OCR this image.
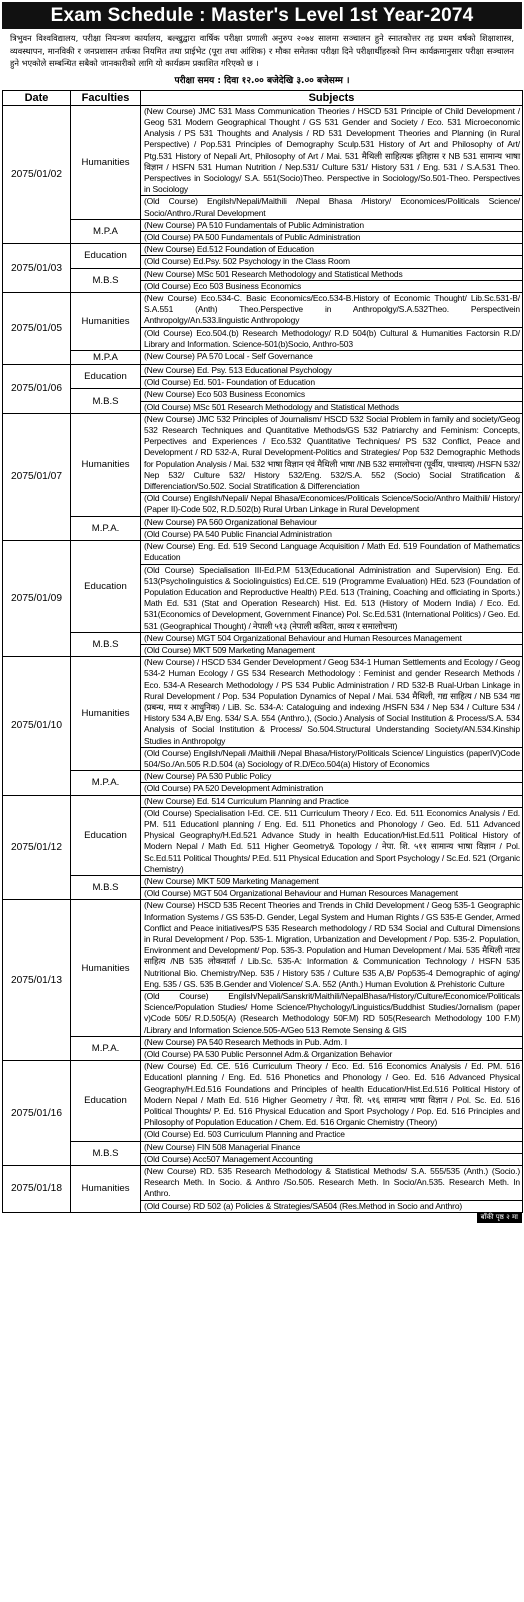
Exam Schedule : Master's Level 1st Year-2074
त्रिभुवन विश्वविद्यालय, परीक्षा नियन्त्रण कार्यालय, बल्खुद्वारा वार्षिक परीक्षा प्रणाली अनुरुप २०७४ सालमा सञ्चालन हुने स्नातकोत्तर तह प्रथम वर्षको शिक्षाशास्त्र, व्यवस्थापन, मानविकी र जनप्रशासन तर्फका नियमित तथा प्राईभेट (पूरा तथा आंशिक) र मौका समेतका परीक्षा दिने परीक्षार्थीहरुको निम्न कार्यक्रमानुसार परीक्षा सञ्चालन हुने भएकोले सम्बन्धित सबैको जानकारीको लागि यो कार्यक्रम प्रकाशित गरिएको छ ।
परीक्षा समय : दिवा १२.०० बजेदेखि ३.०० बजेसम्म ।
Date	Faculties	Subjects
2075/01/02	Humanities	(New Course) JMC 531 Mass Communication Theories / HSCD 531 Principle of Child Development / Geog 531 Modern Geographical Thought / GS 531 Gender and Society / Eco. 531 Microeconomic Analysis / PS 531 Thoughts and Analysis / RD 531 Development Theories and Planning (in Rural Perspective) / Pop.531 Principles of Demography Sculp.531 History of Art and Philosophy of Art/ Ptg.531 History of Nepali Art, Philosophy of Art / Mai. 531 मैथिली साहित्यक इतिहास र NB 531 सामान्य भाषा विज्ञान / HSFN 531 Human Nutrition / Nep.531/ Culture 531/ History 531 / Eng. 531 / S.A.531 Theo. Perspectives in Sociology/ S.A. 551(Socio)Theo. Perspective in Sociology/So.501-Theo. Perspectives in Sociology
		(Old Course) Engilsh/Nepali/Maithili /Nepal Bhasa /History/ Economices/Politicals Science/ Socio/Anthro./Rural Development
	M.P.A	(New Course) PA 510 Fundamentals of Public Administration
		(Old Course) PA 500 Fundamentals of Public Administration
2075/01/03	Education	(New Course) Ed.512 Foundation of Education
		(Old Course) Ed.Psy. 502 Psychology in the Class Room
	M.B.S	(New Course) MSc 501 Research Methodology and Statistical Methods
		(Old Course) Eco 503 Business Economics
2075/01/05	Humanities	(New Course) Eco.534-C. Basic Economics/Eco.534-B.History of Economic Thought/ Lib.Sc.531-B/ S.A.551 (Anth) Theo.Perspective in Anthropolgy/S.A.532Theo. Perspectivein Anthropolgy/An.533.linguistic Anthropology
		(Old Course) Eco.504.(b) Research Methodology/ R.D 504(b) Cultural & Humanities Factorsin R.D/ Library and Information. Science-501(b)Socio, Anthro-503
	M.P.A	(New Course) PA 570 Local - Self Governance
2075/01/06	Education	(New Course) Ed. Psy. 513 Educational Psychology
		(Old Course) Ed. 501- Foundation of Education
	M.B.S	(New Course) Eco 503 Business Economics
		(Old Course) MSc 501 Research Methodology and Statistical Methods
2075/01/07	Humanities	(New Course) JMC 532 Principles of Journalism/ HSCD 532 Social Problem in family and society/Geog 532 Research Techniques and Quantitative Methods/GS 532 Patriarchy and Feminism: Concepts, Perpectives and Experiences / Eco.532 Quantitative Techniques/ PS 532 Conflict, Peace and Development / RD 532-A, Rural Development-Politics and Strategies/ Pop 532 Demographic Methods for Population Analysis / Mai. 532 भाषा विज्ञान एवं मैथिली भाषा /NB 532 समालोचना (पूर्वीय, पाश्चात्य) /HSFN 532/ Nep 532/ Culture 532/ History 532/Eng. 532/S.A. 552 (Socio) Social Stratification & Differenciation/So.502. Social Stratification & Differenciation
		(Old Course) Engilsh/Nepali/ Nepal Bhasa/Economices/Politicals Science/Socio/Anthro Maithili/ History/ (Paper II)-Code 502, R.D.502(b) Rural Urban Linkage in Rural Development
	M.P.A.	(New Course) PA 560 Organizational Behaviour
		(Old Course) PA 540 Public Financial Administration
2075/01/09	Education	(New Course) Eng. Ed. 519 Second Language Acquisition / Math Ed. 519 Foundation of Mathematics Education
		(Old Course) Specialisation III-Ed.P.M 513(Educational Administration and Supervision) Eng. Ed. 513(Psycholinguistics & Sociolinguistics) Ed.CE. 519 (Programme Evaluation) HEd. 523 (Foundation of Population Education and Reproductive Health) P.Ed. 513 (Training, Coaching and officiating in Sports.) Math Ed. 531 (Stat and Operation Research) Hist. Ed. 513 (History of Modern India) / Eco. Ed. 531(Economics of Development, Government Finance) Pol. Sc.Ed.531 (International Politics) / Geo. Ed. 531 (Geographical Thought) / नेपाली ५१३ (नेपाली कविता, काव्य र समालोचना)
	M.B.S	(New Course) MGT 504 Organizational Behaviour and Human Resources Management
		(Old Course) MKT 509 Marketing Management
2075/01/10	Humanities	(New Course) / HSCD 534 Gender Development / Geog 534-1 Human Settlements and Ecology / Geog 534-2 Human Ecology / GS 534 Research Methodology : Feminist and gender Research Methods / Eco. 534-A Research Methodology / PS 534 Public Administration / RD 532-B Rual-Urban Linkage in Rural Development / Pop. 534 Population Dynamics of Nepal / Mai. 534 मैथिली, गद्य साहित्य / NB 534 गद्य (प्रबन्ध, मध्य र आधुनिक) / LiB. Sc. 534-A: Cataloguing and indexing /HSFN 534 / Nep 534 / Culture 534 / History 534 A,B/ Eng. 534/ S.A. 554 (Anthro.), (Socio.) Analysis of Social Institution & Process/S.A. 534 Analysis of Social Institution & Process/ So.504.Structural Understanding Society/AN.534.Kinship Studies in Anthropolgy
		(Old Course) Engilsh/Nepali /Maithili /Nepal Bhasa/History/Politicals Science/ Linguistics (paperIV)Code 504/So./An.505 R.D.504 (a) Sociology of R.D/Eco.504(a) History of Economics
	M.P.A.	(New Course) PA 530 Public Policy
		(Old Course) PA 520 Development Administration
2075/01/12	Education	(New Course) Ed. 514 Curriculum Planning and Practice
		(Old Course) Specialisation I-Ed. CE. 511 Curriculum Theory / Eco. Ed. 511 Economics Analysis / Ed. PM. 511 Educationl planning / Eng. Ed. 511 Phonetics and Phonology / Geo. Ed. 511 Advanced Physical Geography/H.Ed.521 Advance Study in health Education/Hist.Ed.511 Political History of Modern Nepal / Math Ed. 511 Higher Geometry& Topology / नेपा. शि. ५११ सामान्य भाषा विज्ञान / Pol. Sc.Ed.511 Political Thoughts/ P.Ed. 511 Physical Education and Sport Psychology / Sc.Ed. 521 (Organic Chemistry)
	M.B.S	(New Course) MKT 509 Marketing Management
		(Old Course) MGT 504 Organizational Behaviour and Human Resources Management
2075/01/13	Humanities	(New Course) HSCD 535 Recent Theories and Trends in Child Development / Geog 535-1 Geographic Information Systems / GS 535-D. Gender, Legal System and Human Rights / GS 535-E Gender, Armed Conflict and Peace initiatives/PS 535 Research methodology / RD 534 Social and Cultural Dimensions in Rural Development / Pop. 535-1. Migration, Urbanization and Development / Pop. 535-2. Population, Environment and Development/ Pop. 535-3. Population and Human Development / Mai. 535 मैथिली नाट्य साहित्य /NB 535 लोकवार्ता / Lib.Sc. 535-A: Information & Communication Technology / HSFN 535 Nutritional Bio. Chemistry/Nep. 535 / History 535 / Culture 535 A,B/ Pop535-4 Demographic of aging/ Eng. 535 / GS. 535 B.Gender and Violence/ S.A. 552 (Anth.) Human Evolution & Prehistoric Culture
		(Old Course) Engilsh/Nepali/Sanskrit/Maithili/NepalBhasa/History/Culture/Economice/Politicals Science/Population Studies/ Home Science/Phychology/Linguistics/Buddhist Studies/Jornalism (paper v)Code 505/ R.D.505(A) (Research Methodology 50F.M) RD 505(Research Methodology 100 F.M) /Library and Information Science.505-A/Geo 513 Remote Sensing & GIS
	M.P.A.	(New Course) PA 540 Research Methods in Pub. Adm. I
		(Old Course) PA 530 Public Personnel Adm.& Organization Behavior
2075/01/16	Education	(New Course) Ed. CE. 516 Curriculum Theory / Eco. Ed. 516 Economics Analysis / Ed. PM. 516 Educationl planning / Eng. Ed. 516 Phonetics and Phonology / Geo. Ed. 516 Advanced Physical Geography/H.Ed.516 Foundations and Principles of health Education/Hist.Ed.516 Political History of Modern Nepal / Math Ed. 516 Higher Geometry / नेपा. शि. ५१६ सामान्य भाषा विज्ञान / Pol. Sc. Ed. 516 Political Thoughts/ P. Ed. 516 Physical Education and Sport Psychology / Pop. Ed. 516 Principles and Philosophy of Population Education / Chem. Ed. 516 Organic Chemistry (Theory)
		(Old Course) Ed. 503 Curriculum Planning and Practice
	M.B.S	(New Course) FIN 508 Managerial Finance
		(Old Course) Acc507 Management Accounting
2075/01/18	Humanities	(New Course) RD. 535 Research Methodology & Statistical Methods/ S.A. 555/535 (Anth.) (Socio.) Research Meth. In Socio. & Anthro /So.505. Research Meth. In Socio/An.535. Research Meth. In Anthro.
		(Old Course) RD 502 (a) Policies & Strategies/SA504 (Res.Method in Socio and Anthro)
बाँकी पृष्ठ २ मा
